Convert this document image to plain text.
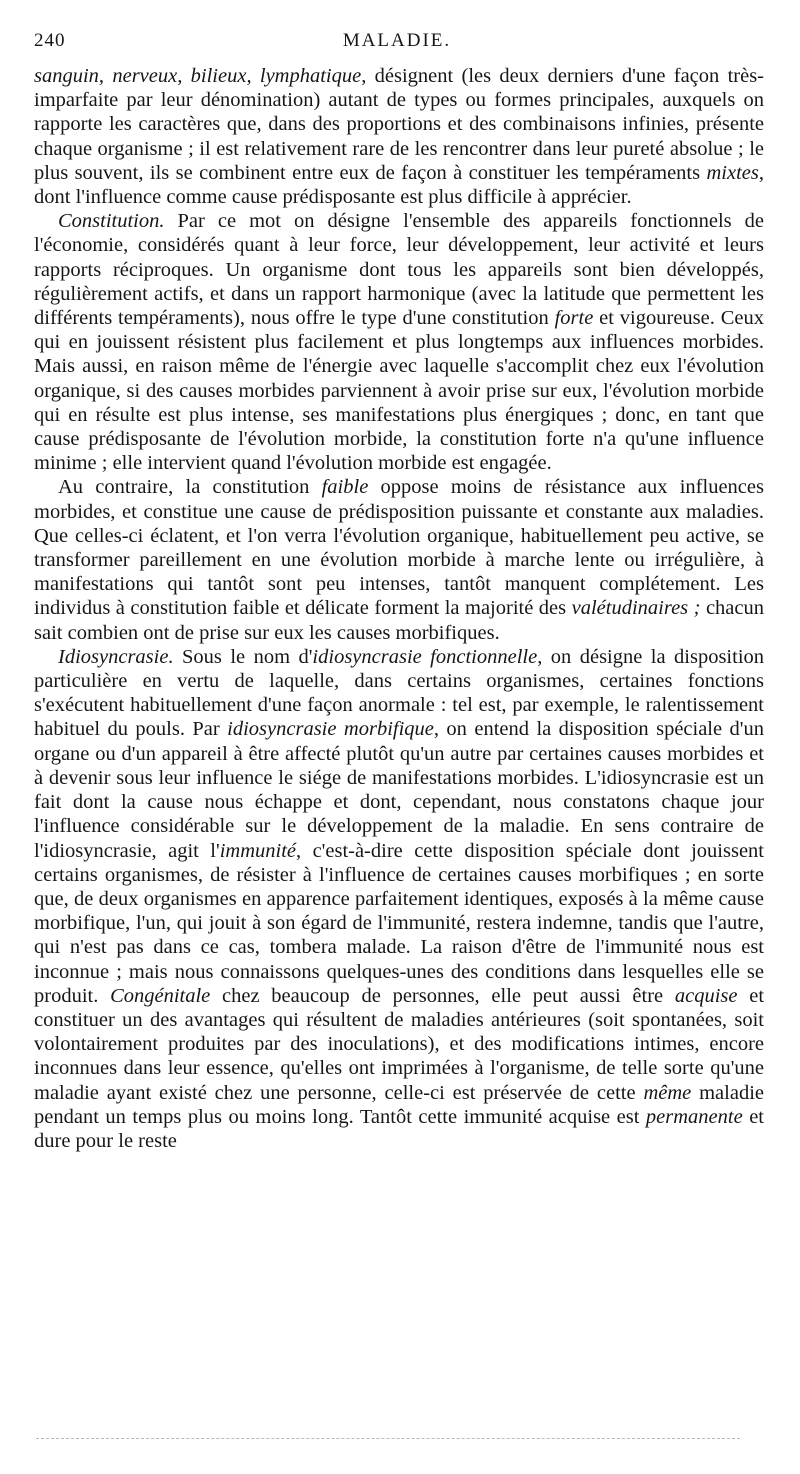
240	MALADIE.

sanguin, nerveux, bilieux, lymphatique, désignent (les deux derniers d'une façon très-imparfaite par leur dénomination) autant de types ou formes principales, auxquels on rapporte les caractères que, dans des proportions et des combinaisons infinies, présente chaque organisme ; il est relativement rare de les rencontrer dans leur pureté absolue ; le plus souvent, ils se combinent entre eux de façon à constituer les tempéraments mixtes, dont l'influence comme cause prédisposante est plus difficile à apprécier.

Constitution. Par ce mot on désigne l'ensemble des appareils fonctionnels de l'économie, considérés quant à leur force, leur développement, leur activité et leurs rapports réciproques. Un organisme dont tous les appareils sont bien développés, régulièrement actifs, et dans un rapport harmonique (avec la latitude que permettent les différents tempéraments), nous offre le type d'une constitution forte et vigoureuse. Ceux qui en jouissent résistent plus facilement et plus longtemps aux influences morbides. Mais aussi, en raison même de l'énergie avec laquelle s'accomplit chez eux l'évolution organique, si des causes morbides parviennent à avoir prise sur eux, l'évolution morbide qui en résulte est plus intense, ses manifestations plus énergiques ; donc, en tant que cause prédisposante de l'évolution morbide, la constitution forte n'a qu'une influence minime ; elle intervient quand l'évolution morbide est engagée.

Au contraire, la constitution faible oppose moins de résistance aux influences morbides, et constitue une cause de prédisposition puissante et constante aux maladies. Que celles-ci éclatent, et l'on verra l'évolution organique, habituellement peu active, se transformer pareillement en une évolution morbide à marche lente ou irrégulière, à manifestations qui tantôt sont peu intenses, tantôt manquent complétement. Les individus à constitution faible et délicate forment la majorité des valétudinaires ; chacun sait combien ont de prise sur eux les causes morbifiques.

Idiosyncrasie. Sous le nom d'idiosyncrasie fonctionnelle, on désigne la disposition particulière en vertu de laquelle, dans certains organismes, certaines fonctions s'exécutent habituellement d'une façon anormale : tel est, par exemple, le ralentissement habituel du pouls. Par idiosyncrasie morbifique, on entend la disposition spéciale d'un organe ou d'un appareil à être affecté plutôt qu'un autre par certaines causes morbides et à devenir sous leur influence le siége de manifestations morbides. L'idiosyncrasie est un fait dont la cause nous échappe et dont, cependant, nous constatons chaque jour l'influence considérable sur le développement de la maladie. En sens contraire de l'idiosyncrasie, agit l'immunité, c'est-à-dire cette disposition spéciale dont jouissent certains organismes, de résister à l'influence de certaines causes morbifiques ; en sorte que, de deux organismes en apparence parfaitement identiques, exposés à la même cause morbifique, l'un, qui jouit à son égard de l'immunité, restera indemne, tandis que l'autre, qui n'est pas dans ce cas, tombera malade. La raison d'être de l'immunité nous est inconnue ; mais nous connaissons quelques-unes des conditions dans lesquelles elle se produit. Congénitale chez beaucoup de personnes, elle peut aussi être acquise et constituer un des avantages qui résultent de maladies antérieures (soit spontanées, soit volontairement produites par des inoculations), et des modifications intimes, encore inconnues dans leur essence, qu'elles ont imprimées à l'organisme, de telle sorte qu'une maladie ayant existé chez une personne, celle-ci est préservée de cette même maladie pendant un temps plus ou moins long. Tantôt cette immunité acquise est permanente et dure pour le reste
